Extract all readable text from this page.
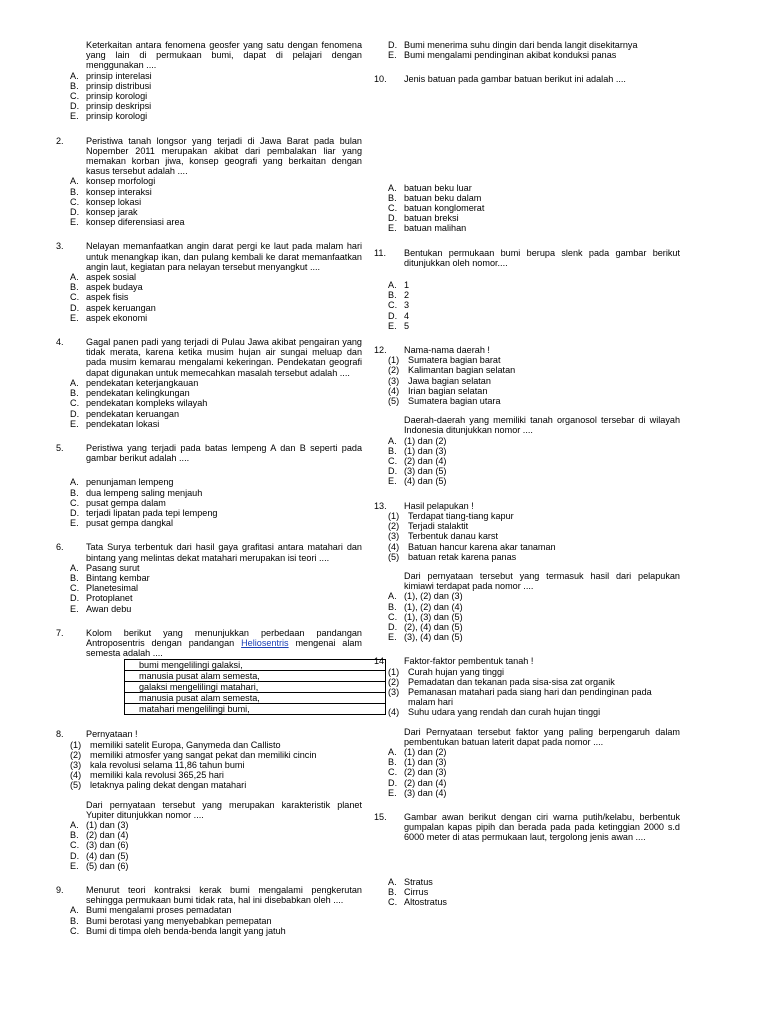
Keterkaitan antara fenomena geosfer yang satu dengan fenomena yang lain di permukaan bumi, dapat di pelajari dengan menggunakan ....
A. prinsip interelasi
B. prinsip distribusi
C. prinsip korologi
D. prinsip deskripsi
E. prinsip korologi
2. Peristiwa tanah longsor yang terjadi di Jawa Barat pada bulan Nopember 2011 merupakan akibat dari pembalakan liar yang memakan korban jiwa, konsep geografi yang berkaitan dengan kasus tersebut adalah ....
A. konsep morfologi
B. konsep interaksi
C. konsep lokasi
D. konsep jarak
E. konsep diferensiasi area
3. Nelayan memanfaatkan angin darat pergi ke laut pada malam hari untuk menangkap ikan, dan pulang kembali ke darat memanfaatkan angin laut, kegiatan para nelayan tersebut menyangkut ....
A. aspek sosial
B. aspek budaya
C. aspek fisis
D. aspek keruangan
E. aspek ekonomi
4. Gagal panen padi yang terjadi di Pulau Jawa akibat pengairan yang tidak merata, karena ketika musim hujan air sungai meluap dan pada musim kemarau mengalami kekeringan. Pendekatan geografi dapat digunakan untuk memecahkan masalah tersebut adalah ....
A. pendekatan keterjangkauan
B. pendekatan kelingkungan
C. pendekatan kompleks wilayah
D. pendekatan keruangan
E. pendekatan lokasi
5. Peristiwa yang terjadi pada batas lempeng A dan B seperti pada gambar berikut adalah ....
A. penunjaman lempeng
B. dua lempeng saling menjauh
C. pusat gempa dalam
D. terjadi lipatan pada tepi lempeng
E. pusat gempa dangkal
6. Tata Surya terbentuk dari hasil gaya grafitasi antara matahari dan bintang yang melintas dekat matahari merupakan isi teori ....
A. Pasang surut
B. Bintang kembar
C. Planetesimal
D. Protoplanet
E. Awan debu
7. Kolom berikut yang menunjukkan perbedaan pandangan Antroposentris dengan pandangan Heliosentris mengenai alam semesta adalah ....
bumi mengelilingi galaksi,
manusia pusat alam semesta,
galaksi mengelilingi matahari,
manusia pusat alam semesta,
matahari mengelilingi bumi,
8. Pernyataan !
(1) memiliki satelit Europa, Ganymeda dan Callisto
(2) memiliki atmosfer yang sangat pekat dan memiliki cincin
(3) kala revolusi selama 11,86 tahun bumi
(4) memiliki kala revolusi 365,25 hari
(5) letaknya paling dekat dengan matahari
Dari pernyataan tersebut yang merupakan karakteristik planet Yupiter ditunjukkan nomor ....
A. (1) dan (3)
B. (2) dan (4)
C. (3) dan (6)
D. (4) dan (5)
E. (5) dan (6)
9. Menurut teori kontraksi kerak bumi mengalami pengkerutan sehingga permukaan bumi tidak rata, hal ini disebabkan oleh ....
A. Bumi mengalami proses pemadatan
B. Bumi berotasi yang menyebabkan pemepatan
C. Bumi di timpa oleh benda-benda langit yang jatuh
D. Bumi menerima suhu dingin dari benda langit disekitarnya
E. Bumi mengalami pendinginan akibat konduksi panas
10. Jenis batuan pada gambar batuan berikut ini adalah ....
A. batuan beku luar
B. batuan beku dalam
C. batuan konglomerat
D. batuan breksi
E. batuan malihan
11. Bentukan permukaan bumi berupa slenk pada gambar berikut ditunjukkan oleh nomor....
A. 1
B. 2
C. 3
D. 4
E. 5
12. Nama-nama daerah !
(1) Sumatera bagian barat
(2) Kalimantan bagian selatan
(3) Jawa bagian selatan
(4) Irian bagian selatan
(5) Sumatera bagian utara
Daerah-daerah yang memiliki tanah organosol tersebar di wilayah Indonesia ditunjukkan nomor ....
A. (1) dan (2)
B. (1) dan (3)
C. (2) dan (4)
D. (3) dan (5)
E. (4) dan (5)
13. Hasil pelapukan !
(1) Terdapat tiang-tiang kapur
(2) Terjadi stalaktit
(3) Terbentuk danau karst
(4) Batuan hancur karena akar tanaman
(5) batuan retak karena panas
Dari pernyataan tersebut yang termasuk hasil dari pelapukan kimiawi terdapat pada nomor ....
A. (1), (2) dan (3)
B. (1), (2) dan (4)
C. (1), (3) dan (5)
D. (2), (4) dan (5)
E. (3), (4) dan (5)
14. Faktor-faktor pembentuk tanah !
(1) Curah hujan yang tinggi
(2) Pemadatan dan tekanan pada sisa-sisa zat organik
(3) Pemanasan matahari pada siang hari dan pendinginan pada malam hari
(4) Suhu udara yang rendah dan curah hujan tinggi
Dari Pernyataan tersebut faktor yang paling berpengaruh dalam pembentukan batuan laterit dapat pada nomor ....
A. (1) dan (2)
B. (1) dan (3)
C. (2) dan (3)
D. (2) dan (4)
E. (3) dan (4)
15. Gambar awan berikut dengan ciri warna putih/kelabu, berbentuk gumpalan kapas pipih dan berada pada pada ketinggian 2000 s.d 6000 meter di atas permukaan laut, tergolong jenis awan ....
A. Stratus
B. Cirrus
C. Altostratus
